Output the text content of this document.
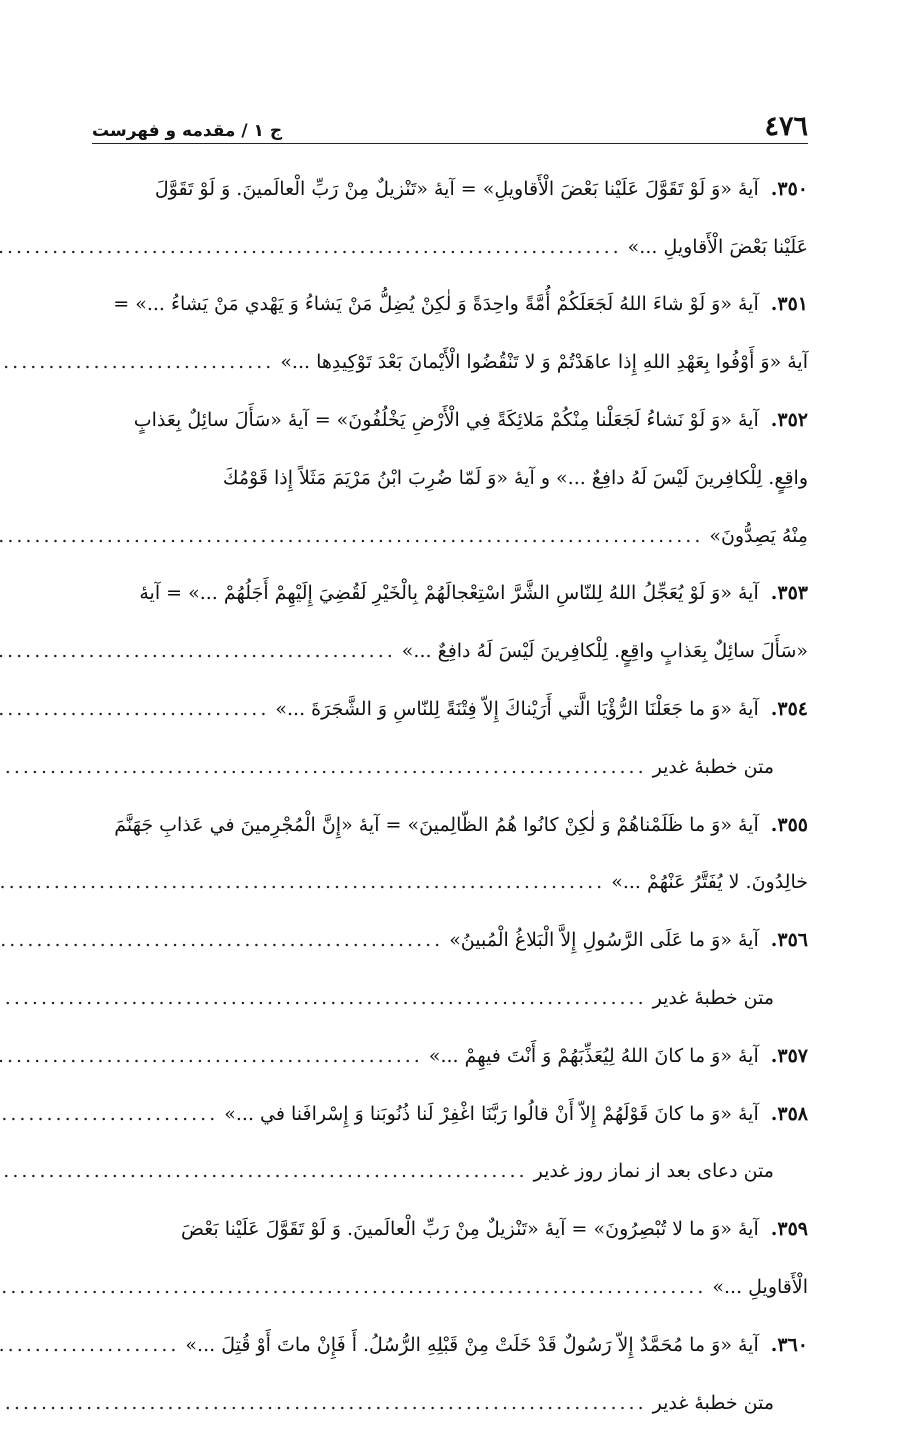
٤٧٦
ج ١ / مقدمه و فهرست
٣٥٠.
آیهٔ «وَ لَوْ تَقَوَّلَ عَلَيْنا بَعْضَ الْأَقاويلِ» = آیهٔ «تَنْزيلٌ مِنْ رَبِّ الْعالَمينَ. وَ لَوْ تَقَوَّلَ
عَلَيْنا بَعْضَ الْأَقاويلِ ...»
.....
٣٥١.
آیهٔ «وَ لَوْ شاءَ اللهُ لَجَعَلَكُمْ أُمَّةً واحِدَةً وَ لٰكِنْ يُضِلُّ مَنْ يَشاءُ وَ يَهْدي مَنْ يَشاءُ ...» =
آیهٔ «وَ أَوْفُوا بِعَهْدِ اللهِ إِذا عاهَدْتُمْ وَ لا تَنْقُضُوا الْأَيْمانَ بَعْدَ تَوْكِيدِها ...»
.....
٣٥٢.
آیهٔ «وَ لَوْ نَشاءُ لَجَعَلْنا مِنْكُمْ مَلائِكَةً فِي الْأَرْضِ يَخْلُفُونَ» = آیهٔ «سَأَلَ سائِلٌ بِعَذابٍ
واقِعٍ. لِلْكافِرينَ لَيْسَ لَهُ دافِعٌ ...» و آیهٔ «وَ لَمّا ضُرِبَ ابْنُ مَرْيَمَ مَثَلاً إِذا قَوْمُكَ
مِنْهُ يَصِدُّونَ»
.....
٣٥٣.
آیهٔ «وَ لَوْ يُعَجِّلُ اللهُ لِلنّاسِ الشَّرَّ اسْتِعْجالَهُمْ بِالْخَيْرِ لَقُضِيَ إِلَيْهِمْ أَجَلُهُمْ ...» = آیهٔ
«سَأَلَ سائِلٌ بِعَذابٍ واقِعٍ. لِلْكافِرينَ لَيْسَ لَهُ دافِعٌ ...»
.....
٣٥٤.
آیهٔ «وَ ما جَعَلْنَا الرُّؤْيَا الَّتي أَرَيْناكَ إِلاّ فِتْنَةً لِلنّاسِ وَ الشَّجَرَةَ ...»
.....
متن خطبهٔ غدير
.....
٣٥٥.
آیهٔ «وَ ما ظَلَمْناهُمْ وَ لٰكِنْ كانُوا هُمُ الظّالِمينَ» = آیهٔ «إِنَّ الْمُجْرِمينَ في عَذابِ جَهَنَّمَ
خالِدُونَ. لا يُفَتَّرُ عَنْهُمْ ...»
.....
٣٥٦.
آیهٔ «وَ ما عَلَى الرَّسُولِ إِلاَّ الْبَلاغُ الْمُبينُ»
.....
متن خطبهٔ غدير
.....
٣٥٧.
آیهٔ «وَ ما كانَ اللهُ لِيُعَذِّبَهُمْ وَ أَنْتَ فيهِمْ ...»
.....
٣٥٨.
آیهٔ «وَ ما كانَ قَوْلَهُمْ إِلاّ أَنْ قالُوا رَبَّنَا اغْفِرْ لَنا ذُنُوبَنا وَ إِسْرافَنا في ...»
.....
متن دعای بعد از نماز روز غدير
.....
٣٥٩.
آیهٔ «وَ ما لا تُبْصِرُونَ» = آیهٔ «تَنْزيلٌ مِنْ رَبِّ الْعالَمينَ. وَ لَوْ تَقَوَّلَ عَلَيْنا بَعْضَ
الْأَقاويلِ ...»
.....
٣٦٠.
آیهٔ «وَ ما مُحَمَّدٌ إِلاّ رَسُولٌ قَدْ خَلَتْ مِنْ قَبْلِهِ الرُّسُلُ. أَ فَإِنْ ماتَ أَوْ قُتِلَ ...»
.....
متن خطبهٔ غدير
.....
